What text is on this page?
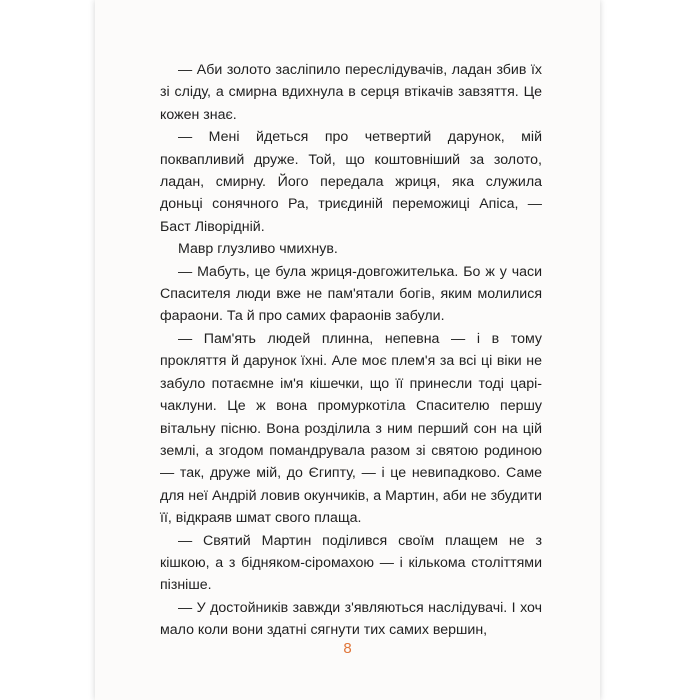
— Аби золото засліпило переслідувачів, ладан збив їх зі сліду, а смирна вдихнула в серця втікачів завзяття. Це кожен знає.

— Мені йдеться про четвертий дарунок, мій поквапливий друже. Той, що коштовніший за золото, ладан, смирну. Його передала жриця, яка служила доньці сонячного Ра, триєдиній переможиці Апіса, — Баст Ліворідній.

Мавр глузливо чмихнув.

— Мабуть, це була жриця-довгожителька. Бо ж у часи Спасителя люди вже не пам'ятали богів, яким молилися фараони. Та й про самих фараонів забули.

— Пам'ять людей плинна, непевна — і в тому прокляття й дарунок їхні. Але моє плем'я за всі ці віки не забуло потаємне ім'я кішечки, що її принесли тоді царі-чаклуни. Це ж вона промуркотіла Спасителю першу вітальну пісню. Вона розділила з ним перший сон на цій землі, а згодом помандрувала разом зі святою родиною — так, друже мій, до Єгипту, — і це невипадково. Саме для неї Андрій ловив окунчиків, а Мартин, аби не збудити її, відкраяв шмат свого плаща.

— Святий Мартин поділився своїм плащем не з кішкою, а з бідняком-сіромахою — і кількома століттями пізніше.

— У достойників завжди з'являються наслідувачі. І хоч мало коли вони здатні сягнути тих самих вершин,

8
